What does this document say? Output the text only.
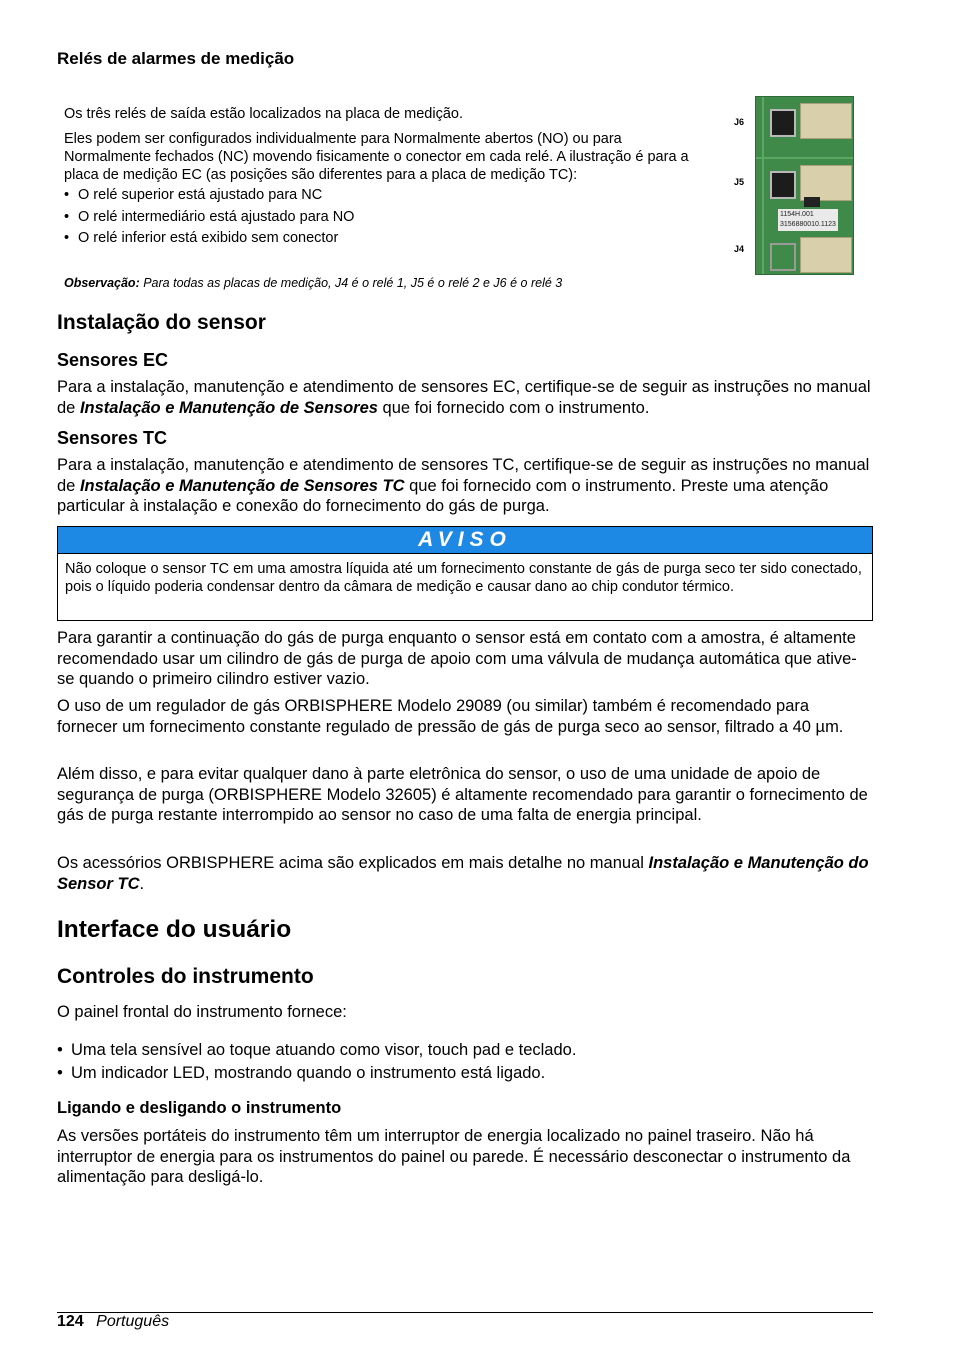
Relés de alarmes de medição

Os três relés de saída estão localizados na placa de medição.

Eles podem ser configurados individualmente para Normalmente abertos (NO) ou para Normalmente fechados (NC) movendo fisicamente o conector em cada relé. A ilustração é para a placa de medição EC (as posições são diferentes para a placa de medição TC):

• O relé superior está ajustado para NC
• O relé intermediário está ajustado para NO
• O relé inferior está exibido sem conector

Observação: Para todas as placas de medição, J4 é o relé 1, J5 é o relé 2 e J6 é o relé 3

J6
J5
J4
1154H.001
3156880010.1123
Instalação do sensor
Sensores EC

Para a instalação, manutenção e atendimento de sensores EC, certifique-se de seguir as instruções no manual de Instalação e Manutenção de Sensores que foi fornecido com o instrumento.

Sensores TC

Para a instalação, manutenção e atendimento de sensores TC, certifique-se de seguir as instruções no manual de Instalação e Manutenção de Sensores TC que foi fornecido com o instrumento. Preste uma atenção particular à instalação e conexão do fornecimento do gás de purga.

AVISO
Não coloque o sensor TC em uma amostra líquida até um fornecimento constante de gás de purga seco ter sido conectado, pois o líquido poderia condensar dentro da câmara de medição e causar dano ao chip condutor térmico.

Para garantir a continuação do gás de purga enquanto o sensor está em contato com a amostra, é altamente recomendado usar um cilindro de gás de purga de apoio com uma válvula de mudança automática que ative-se quando o primeiro cilindro estiver vazio.

O uso de um regulador de gás ORBISPHERE Modelo 29089 (ou similar) também é recomendado para fornecer um fornecimento constante regulado de pressão de gás de purga seco ao sensor, filtrado a 40 µm.

Além disso, e para evitar qualquer dano à parte eletrônica do sensor, o uso de uma unidade de apoio de segurança de purga (ORBISPHERE Modelo 32605) é altamente recomendado para garantir o fornecimento de gás de purga restante interrompido ao sensor no caso de uma falta de energia principal.

Os acessórios ORBISPHERE acima são explicados em mais detalhe no manual Instalação e Manutenção do Sensor TC.

Interface do usuário
Controles do instrumento

O painel frontal do instrumento fornece:

• Uma tela sensível ao toque atuando como visor, touch pad e teclado.
• Um indicador LED, mostrando quando o instrumento está ligado.
Ligando e desligando o instrumento

As versões portáteis do instrumento têm um interruptor de energia localizado no painel traseiro. Não há interruptor de energia para os instrumentos do painel ou parede. É necessário desconectar o instrumento da alimentação para desligá-lo.

124 Português
